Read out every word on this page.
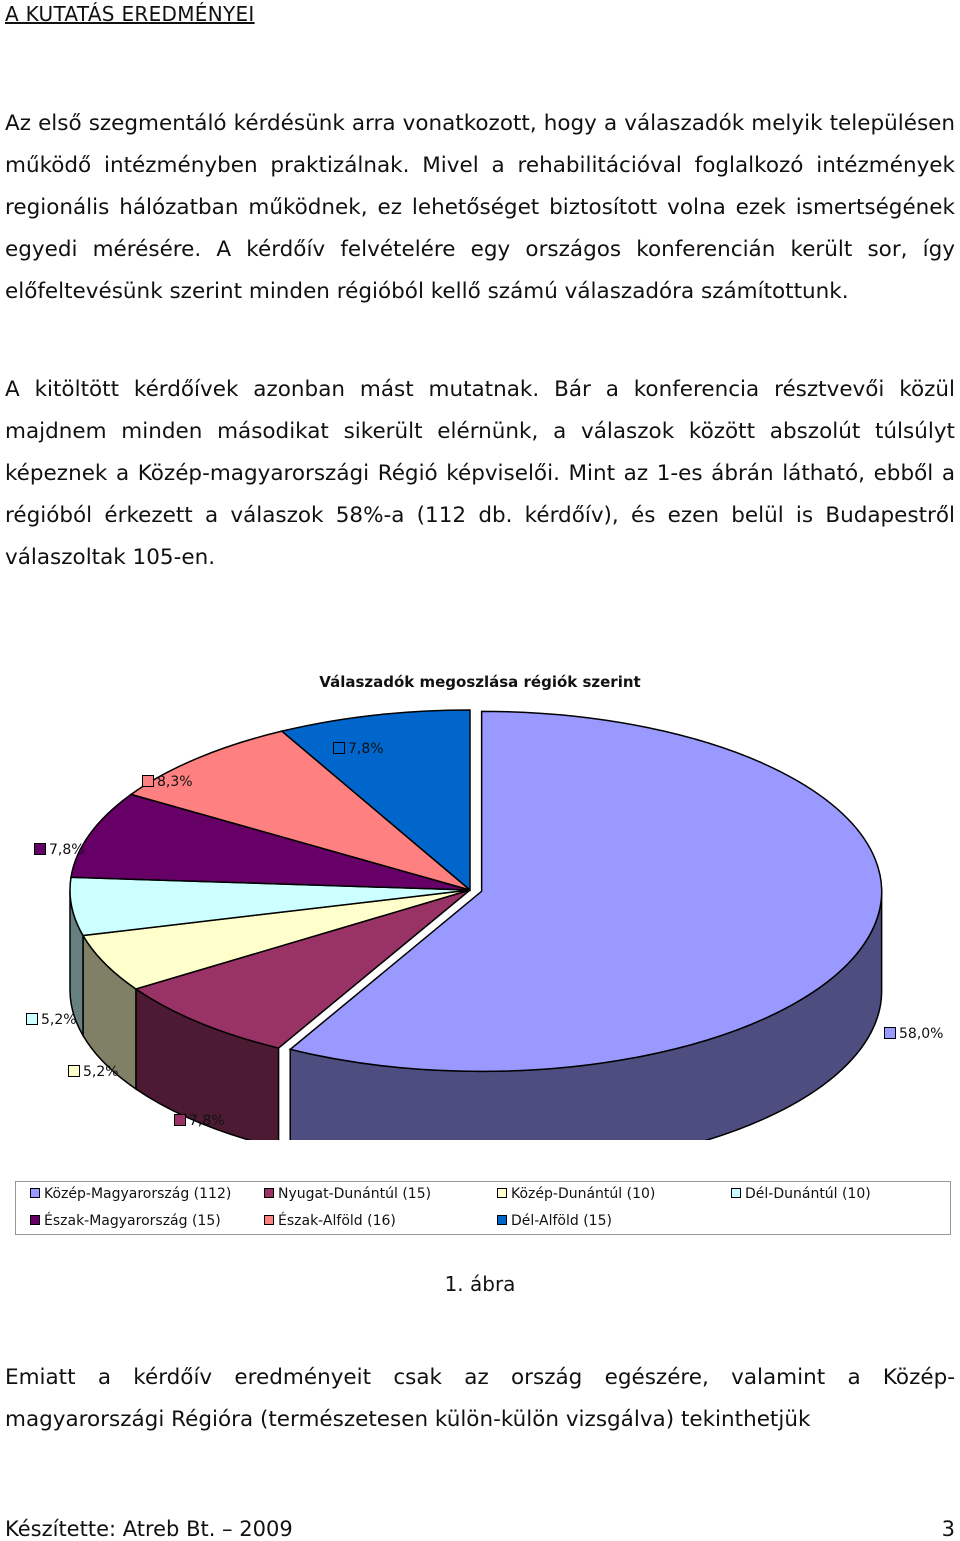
A KUTATÁS EREDMÉNYEI
Az első szegmentáló kérdésünk arra vonatkozott, hogy a válaszadók melyik településen működő intézményben praktizálnak. Mivel a rehabilitációval foglalkozó intézmények regionális hálózatban működnek, ez lehetőséget biztosított volna ezek ismertségének egyedi mérésére. A kérdőív felvételére egy országos konferencián került sor, így előfeltevésünk szerint minden régióból kellő számú válaszadóra számítottunk.
A kitöltött kérdőívek azonban mást mutatnak. Bár a konferencia résztvevői közül majdnem minden másodikat sikerült elérnünk, a válaszok között abszolút túlsúlyt képeznek a Közép-magyarországi Régió képviselői. Mint az 1-es ábrán látható, ebből a régióból érkezett a válaszok 58%-a (112 db. kérdőív), és ezen belül is Budapestről válaszoltak 105-en.
Válaszadók megoszlása régiók szerint
58,0%
7,8%
5,2%
5,2%
7,8%
8,3%
7,8%
Közép-Magyarország (112)	Nyugat-Dunántúl (15)	Közép-Dunántúl (10)	Dél-Dunántúl (10)
Észak-Magyarország (15)	Észak-Alföld (16)	Dél-Alföld (15)
1. ábra
Emiatt a kérdőív eredményeit csak az ország egészére, valamint a Közép-magyarországi Régióra (természetesen külön-külön vizsgálva) tekinthetjük
Készítette: Atreb Bt. – 2009	3
